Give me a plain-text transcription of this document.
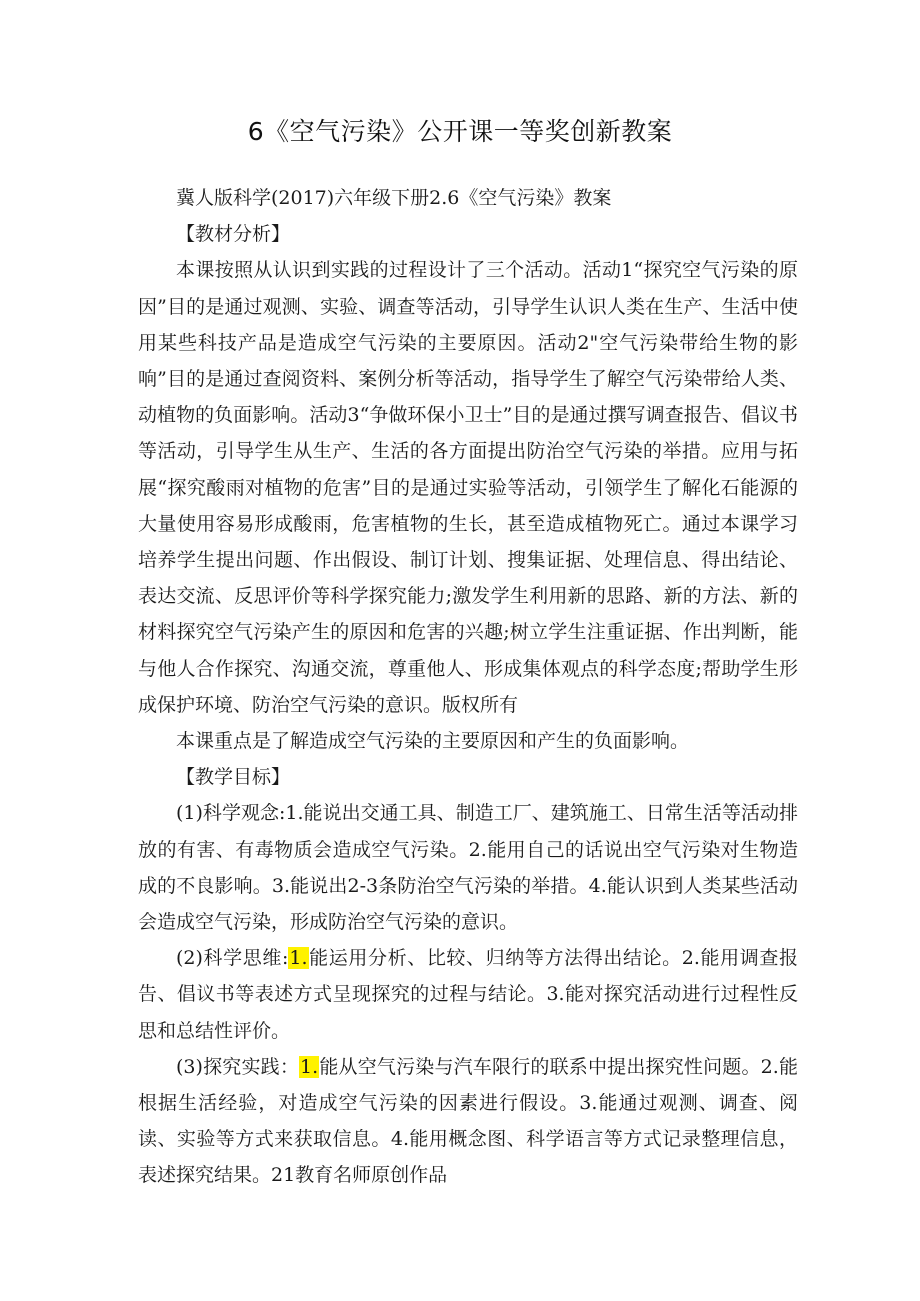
6《空气污染》公开课一等奖创新教案

冀人版科学(2017)六年级下册2.6《空气污染》教案

【教材分析】

本课按照从认识到实践的过程设计了三个活动。活动1“探究空气污染的原因”目的是通过观测、实验、调查等活动，引导学生认识人类在生产、生活中使用某些科技产品是造成空气污染的主要原因。活动2"空气污染带给生物的影响”目的是通过查阅资料、案例分析等活动，指导学生了解空气污染带给人类、动植物的负面影响。活动3“争做环保小卫士”目的是通过撰写调查报告、倡议书等活动，引导学生从生产、生活的各方面提出防治空气污染的举措。应用与拓展“探究酸雨对植物的危害”目的是通过实验等活动，引领学生了解化石能源的大量使用容易形成酸雨，危害植物的生长，甚至造成植物死亡。通过本课学习培养学生提出问题、作出假设、制订计划、搜集证据、处理信息、得出结论、表达交流、反思评价等科学探究能力;激发学生利用新的思路、新的方法、新的材料探究空气污染产生的原因和危害的兴趣;树立学生注重证据、作出判断，能与他人合作探究、沟通交流，尊重他人、形成集体观点的科学态度;帮助学生形成保护环境、防治空气污染的意识。版权所有

本课重点是了解造成空气污染的主要原因和产生的负面影响。

【教学目标】

(1)科学观念:1.能说出交通工具、制造工厂、建筑施工、日常生活等活动排放的有害、有毒物质会造成空气污染。2.能用自己的话说出空气污染对生物造成的不良影响。3.能说出2-3条防治空气污染的举措。4.能认识到人类某些活动会造成空气污染，形成防治空气污染的意识。

(2)科学思维:1.能运用分析、比较、归纳等方法得出结论。2.能用调查报告、倡议书等表述方式呈现探究的过程与结论。3.能对探究活动进行过程性反思和总结性评价。

(3)探究实践：1.能从空气污染与汽车限行的联系中提出探究性问题。2.能根据生活经验，对造成空气污染的因素进行假设。3.能通过观测、调查、阅读、实验等方式来获取信息。4.能用概念图、科学语言等方式记录整理信息，表述探究结果。21教育名师原创作品
